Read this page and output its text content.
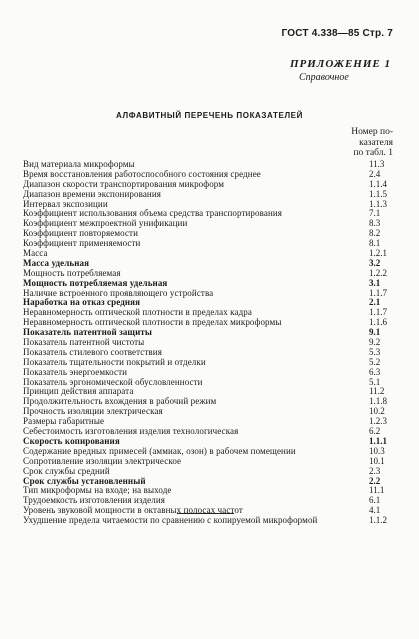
ГОСТ 4.338—85 Стр. 7
ПРИЛОЖЕНИЕ 1
Справочное
АЛФАВИТНЫЙ ПЕРЕЧЕНЬ ПОКАЗАТЕЛЕЙ
Номер по-
казателя
по табл. 1
Вид материала микроформы	11.3
Время восстановления работоспособного состояния среднее	2.4
Диапазон скорости транспортирования микроформ	1.1.4
Диапазон времени экспонирования	1.1.5
Интервал экспозиции	1.1.3
Коэффициент использования объема средства транспортирования	7.1
Коэффициент межпроектной унификации	8.3
Коэффициент повторяемости	8.2
Коэффициент применяемости	8.1
Масса	1.2.1
Масса удельная	3.2
Мощность потребляемая	1.2.2
Мощность потребляемая удельная	3.1
Наличие встроенного проявляющего устройства	1.1.7
Наработка на отказ средняя	2.1
Неравномерность оптической плотности в пределах кадра	1.1.7
Неравномерность оптической плотности в пределах микроформы	1.1.6
Показатель патентной защиты	9.1
Показатель патентной чистоты	9.2
Показатель стилевого соответствия	5.3
Показатель тщательности покрытий и отделки	5.2
Показатель энергоемкости	6.3
Показатель эргономической обусловленности	5.1
Принцип действия аппарата	11.2
Продолжительность вхождения в рабочий режим	1.1.8
Прочность изоляции электрическая	10.2
Размеры габаритные	1.2.3
Себестоимость изготовления изделия технологическая	6.2
Скорость копирования	1.1.1
Содержание вредных примесей (аммиак, озон) в рабочем помещении	10.3
Сопротивление изоляции электрическое	10.1
Срок службы средний	2.3
Срок службы установленный	2.2
Тип микроформы на входе; на выходе	11.1
Трудоемкость изготовления изделия	6.1
Уровень звуковой мощности в октавных полосах частот	4.1
Ухудшение предела читаемости по сравнению с копируемой микроформой	1.1.2
